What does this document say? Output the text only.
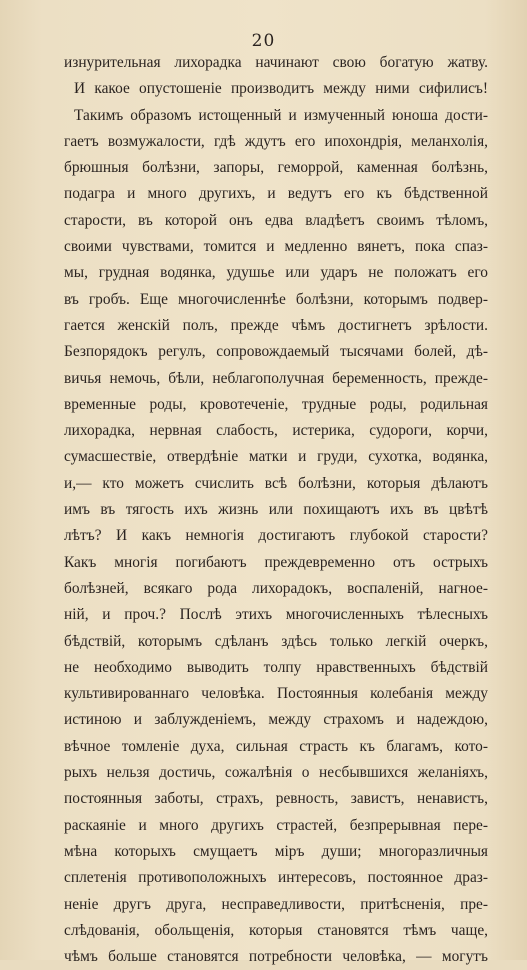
20
изнурительная лихорадка начинают свою богатую жатву.
И какое опустошенiе производитъ между ними сифилисъ!
Такимъ образомъ истощенный и измученный юноша дости-
гаетъ возмужалости, гдѣ ждутъ его ипохондрiя, меланхолiя,
брюшныя болѣзни, запоры, геморрой, каменная болѣзнь,
подагра и много другихъ, и ведутъ его къ бѣдственной
старости, въ которой онъ едва владѣетъ своимъ тѣломъ,
своими чувствами, томится и медленно вянетъ, пока спаз-
мы, грудная водянка, удушье или ударъ не положатъ его
въ гробъ. Еще многочисленнѣе болѣзни, которымъ подвер-
гается женскiй полъ, прежде чѣмъ достигнетъ зрѣлости.
Безпорядокъ регулъ, сопровождаемый тысячами болей, дѣ-
вичья немочь, бѣли, неблагополучная беременность, преждe-
временные роды, кровотеченiе, трудные роды, родильная
лихорадка, нервная слабость, истерика, судороги, корчи,
сумасшествiе, отвердѣнiе матки и груди, сухотка, водянка,
и,— кто можетъ счислить всѣ болѣзни, которыя дѣлаютъ
имъ въ тягость ихъ жизнь или похищаютъ ихъ въ цвѣтѣ
лѣтъ? И какъ немногiя достигаютъ глубокой старости?
Какъ многiя погибаютъ преждевременно отъ острыхъ
болѣзней, всякаго рода лихорадокъ, воспаленiй, нагное-
нiй, и проч.? Послѣ этихъ многочисленныхъ тѣлесныхъ
бѣдствiй, которымъ сдѣланъ здѣсь только легкiй очеркъ,
не необходимо выводить толпу нравственныхъ бѣдствiй
культивированнаго человѣка. Постоянныя колебанiя между
истиною и заблужденiемъ, между страхомъ и надеждою,
вѣчное томленiе духа, сильная страсть къ благамъ, кото-
рыхъ нельзя достичь, сожалѣнiя о несбывшихся желанiяхъ,
постоянныя заботы, страхъ, ревность, завистъ, ненавистъ,
раскаянiе и много другихъ страстей, безпрерывная пере-
мѣна которыхъ смущаетъ мiръ души; многоразличныя
сплетенiя противоположныхъ интересовъ, постоянное драз-
ненiе другъ друга, несправедливости, притѣсненiя, пре-
слѣдованiя, обольщенiя, которыя становятся тѣмъ чаще,
чѣмъ больше становятся потребности человѣка, — могутъ
